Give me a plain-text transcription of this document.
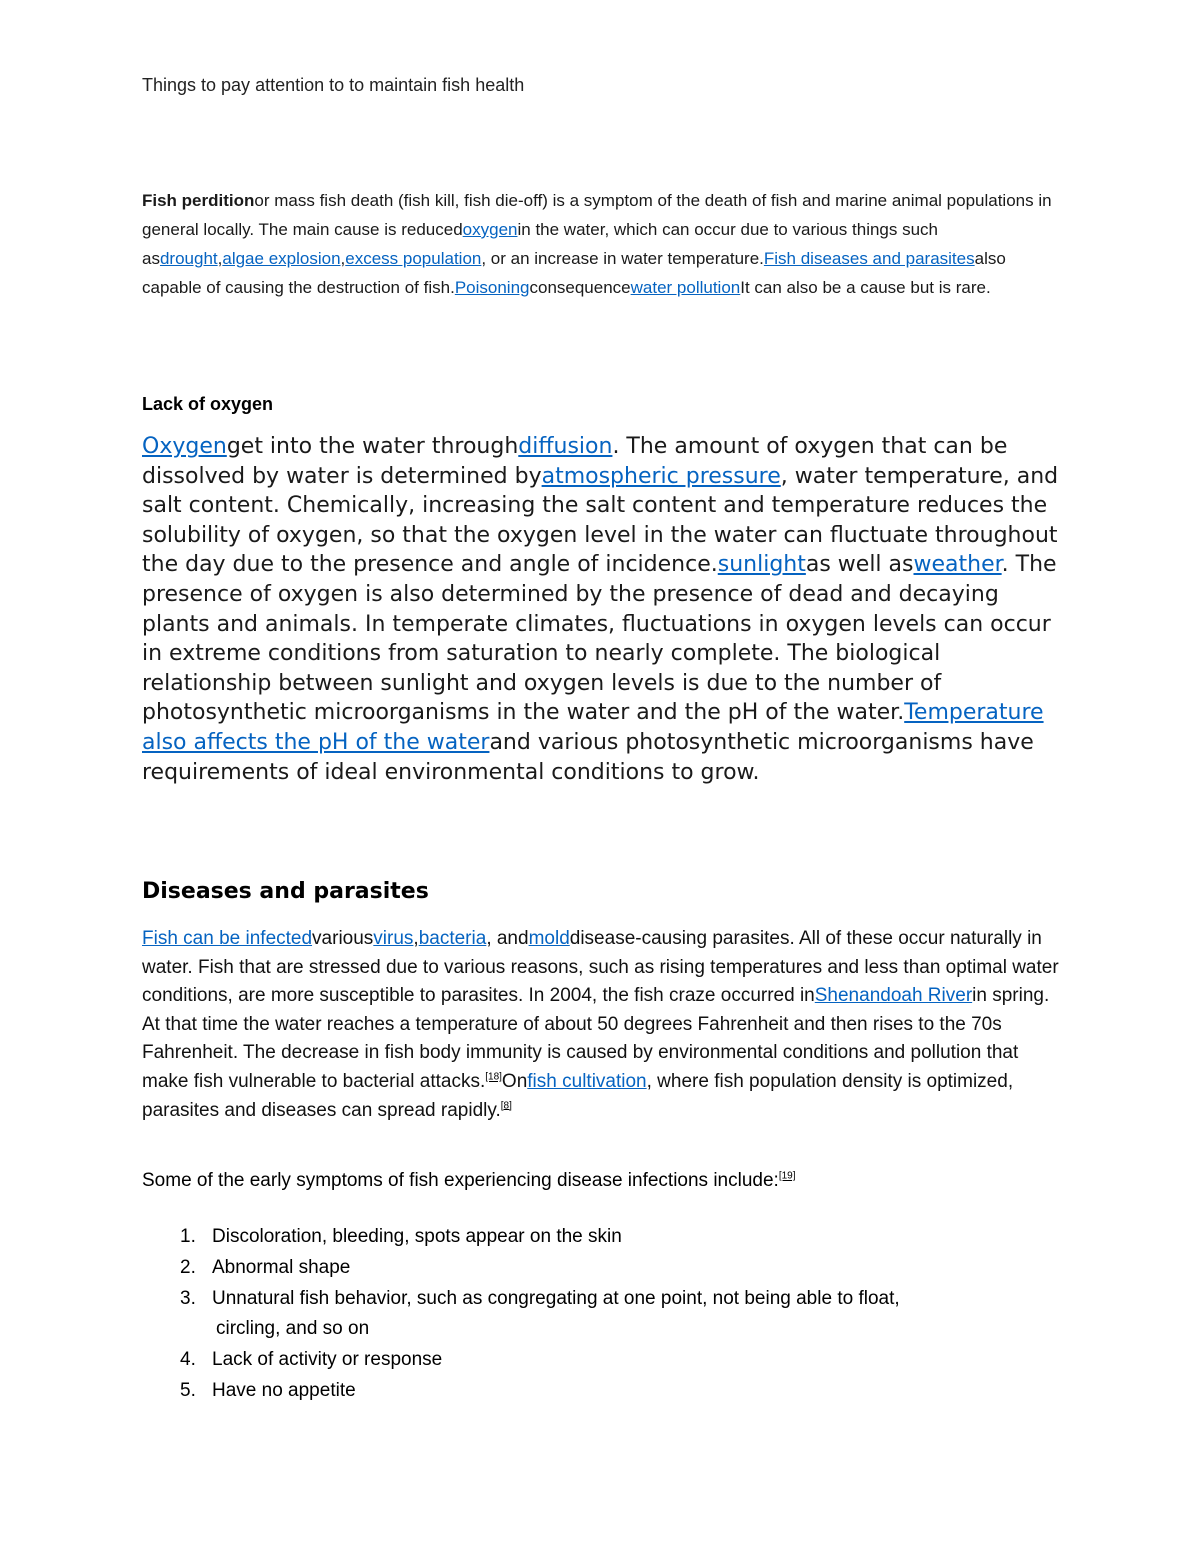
Things to pay attention to to maintain fish health

Fish perditionor mass fish death (fish kill, fish die-off) is a symptom of the death of fish and marine animal populations in general locally. The main cause is reducedoxygenin the water, which can occur due to various things such asdrought,algae explosion,excess population, or an increase in water temperature.Fish diseases and parasitesalso capable of causing the destruction of fish.Poisoningconsequencewater pollutionIt can also be a cause but is rare.

Lack of oxygen

Oxygenget into the water throughdiffusion. The amount of oxygen that can be dissolved by water is determined byatmospheric pressure, water temperature, and salt content. Chemically, increasing the salt content and temperature reduces the solubility of oxygen, so that the oxygen level in the water can fluctuate throughout the day due to the presence and angle of incidence.sunlightas well asweather. The presence of oxygen is also determined by the presence of dead and decaying plants and animals. In temperate climates, fluctuations in oxygen levels can occur in extreme conditions from saturation to nearly complete. The biological relationship between sunlight and oxygen levels is due to the number of photosynthetic microorganisms in the water and the pH of the water.Temperature also affects the pH of the waterand various photosynthetic microorganisms have requirements of ideal environmental conditions to grow.

Diseases and parasites

Fish can be infectedvariousvirus,bacteria, andmolddisease-causing parasites. All of these occur naturally in water. Fish that are stressed due to various reasons, such as rising temperatures and less than optimal water conditions, are more susceptible to parasites. In 2004, the fish craze occurred inShenandoah Riverin spring. At that time the water reaches a temperature of about 50 degrees Fahrenheit and then rises to the 70s Fahrenheit. The decrease in fish body immunity is caused by environmental conditions and pollution that make fish vulnerable to bacterial attacks.[18]Onfish cultivation, where fish population density is optimized, parasites and diseases can spread rapidly.[8]

Some of the early symptoms of fish experiencing disease infections include:[19]

1. Discoloration, bleeding, spots appear on the skin
2. Abnormal shape
3. Unnatural fish behavior, such as congregating at one point, not being able to float,
circling, and so on
4. Lack of activity or response
5. Have no appetite
